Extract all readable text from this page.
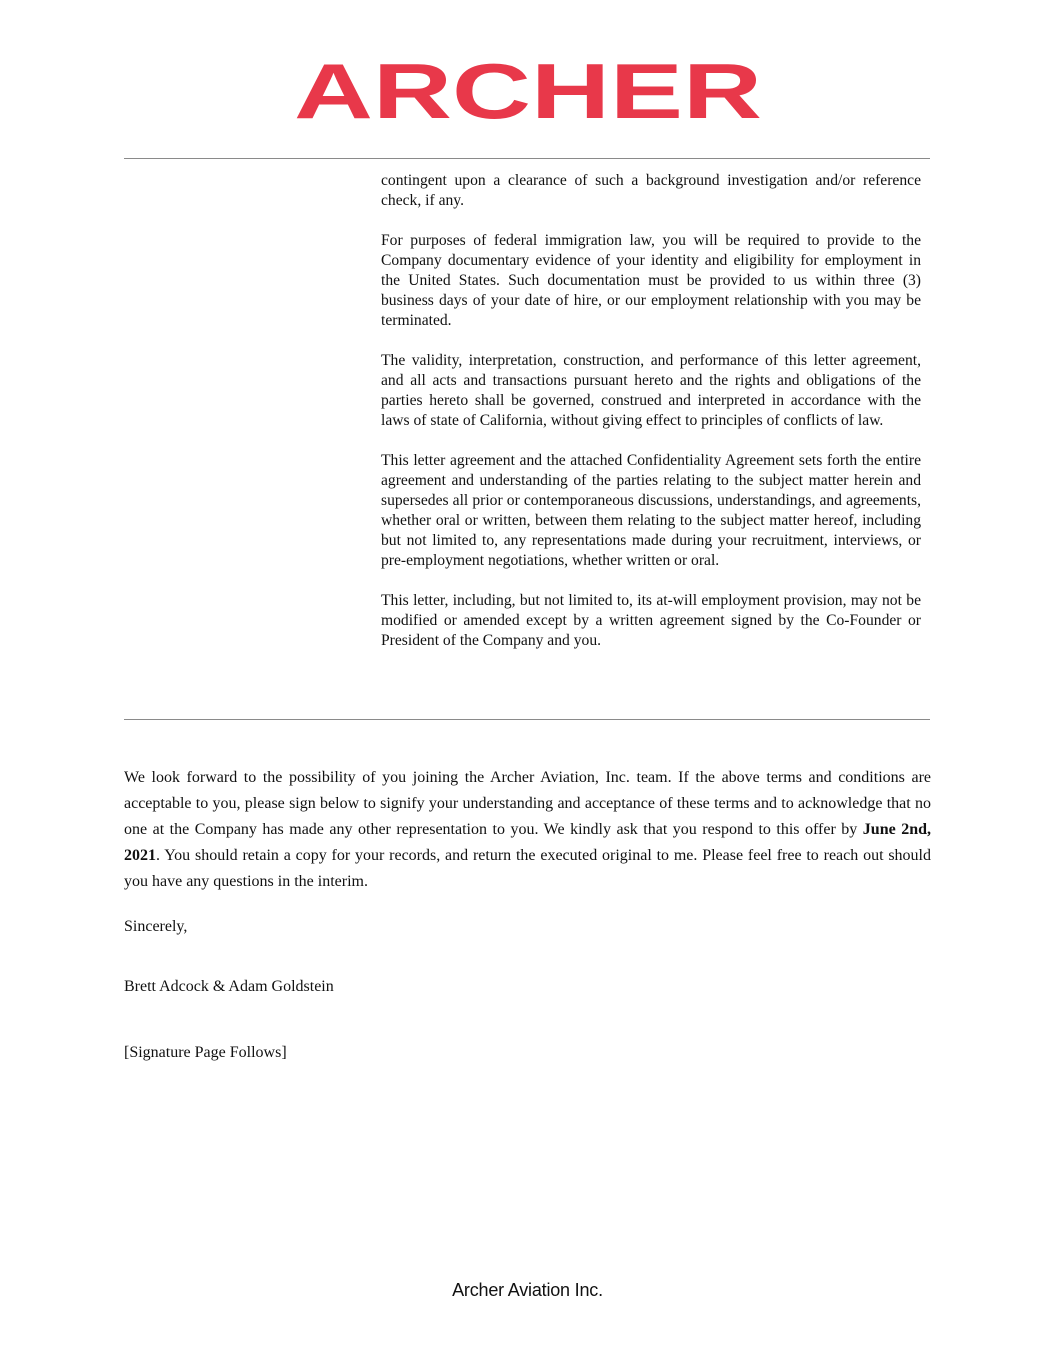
ARCHER

contingent upon a clearance of such a background investigation and/or reference check, if any.

For purposes of federal immigration law, you will be required to provide to the Company documentary evidence of your identity and eligibility for employment in the United States. Such documentation must be provided to us within three (3) business days of your date of hire, or our employment relationship with you may be terminated.

The validity, interpretation, construction, and performance of this letter agreement, and all acts and transactions pursuant hereto and the rights and obligations of the parties hereto shall be governed, construed and interpreted in accordance with the laws of state of California, without giving effect to principles of conflicts of law.

This letter agreement and the attached Confidentiality Agreement sets forth the entire agreement and understanding of the parties relating to the subject matter herein and supersedes all prior or contemporaneous discussions, understandings, and agreements, whether oral or written, between them relating to the subject matter hereof, including but not limited to, any representations made during your recruitment, interviews, or pre-employment negotiations, whether written or oral.

This letter, including, but not limited to, its at-will employment provision, may not be modified or amended except by a written agreement signed by the Co-Founder or President of the Company and you.

We look forward to the possibility of you joining the Archer Aviation, Inc. team. If the above terms and conditions are acceptable to you, please sign below to signify your understanding and acceptance of these terms and to acknowledge that no one at the Company has made any other representation to you. We kindly ask that you respond to this offer by June 2nd, 2021. You should retain a copy for your records, and return the executed original to me. Please feel free to reach out should you have any questions in the interim.

Sincerely,

Brett Adcock & Adam Goldstein

[Signature Page Follows]

Archer Aviation Inc.
